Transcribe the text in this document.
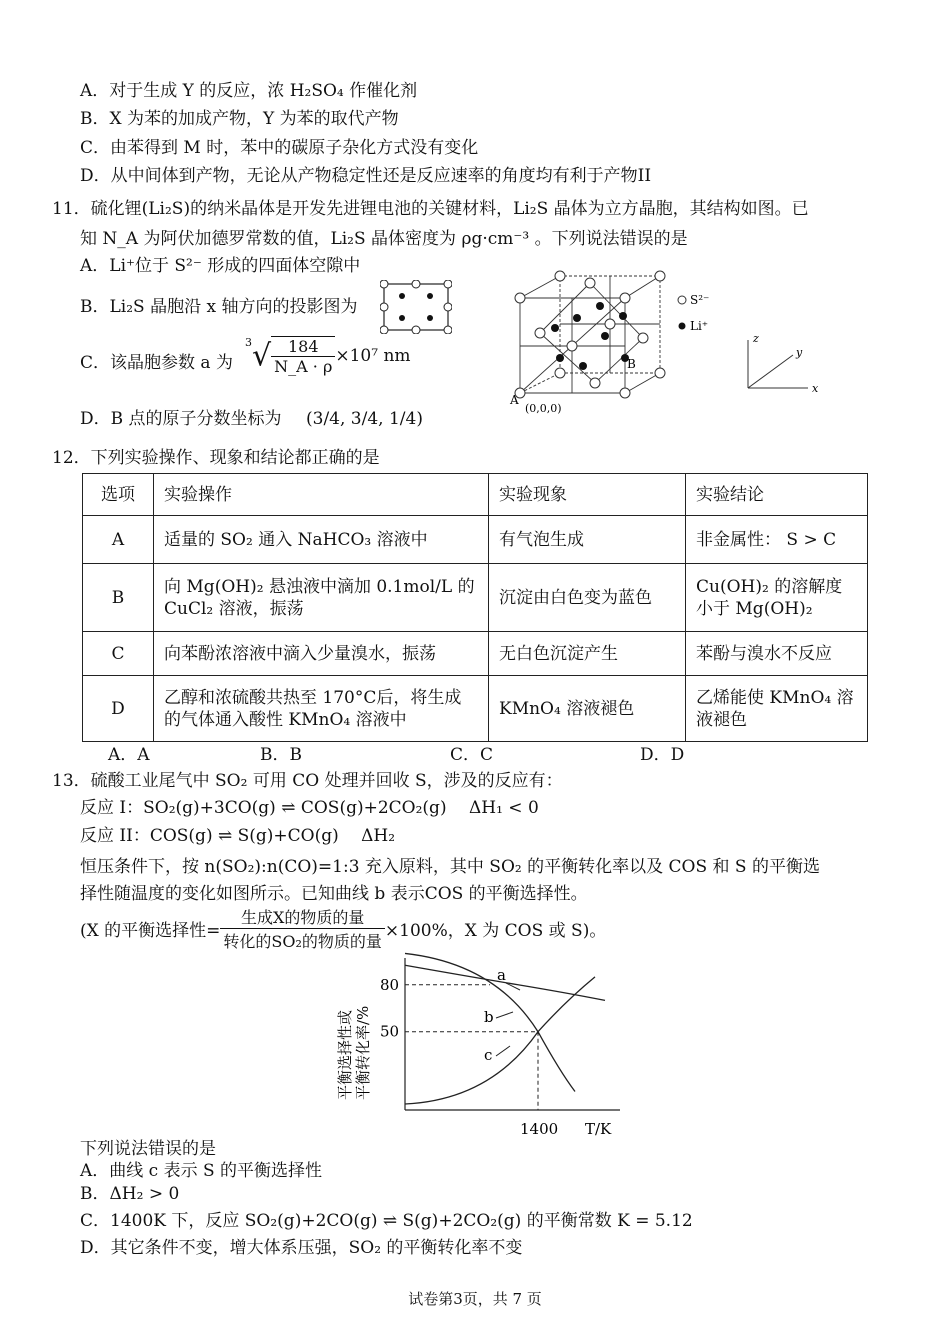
A．对于生成 Y 的反应，浓 H₂SO₄ 作催化剂
B．X 为苯的加成产物，Y 为苯的取代产物
C．由苯得到 M 时，苯中的碳原子杂化方式没有变化
D．从中间体到产物，无论从产物稳定性还是反应速率的角度均有利于产物II
11．硫化锂(Li₂S)的纳米晶体是开发先进锂电池的关键材料，Li₂S 晶体为立方晶胞，其结构如图。已
知 N_A 为阿伏加德罗常数的值，Li₂S 晶体密度为 ρg·cm⁻³ 。下列说法错误的是
A．Li⁺位于 S²⁻ 形成的四面体空隙中
B．Li₂S 晶胞沿 x 轴方向的投影图为
C．该晶胞参数 a 为
$^3√ \frac{184}{N\_A \cdot \rho} \times 10^7$ nm
D．B 点的原子分数坐标为 (3/4, 3/4, 1/4)
B
A
(0,0,0)
S²⁻
Li⁺
z
y
x
12．下列实验操作、现象和结论都正确的是
选项	实验操作	实验现象	实验结论
A	适量的 SO₂ 通入 NaHCO₃ 溶液中	有气泡生成	非金属性： S > C
B	向 Mg(OH)₂ 悬浊液中滴加 0.1mol/L 的 CuCl₂ 溶液，振荡	沉淀由白色变为蓝色	Cu(OH)₂ 的溶解度小于 Mg(OH)₂
C	向苯酚浓溶液中滴入少量溴水，振荡	无白色沉淀产生	苯酚与溴水不反应
D	乙醇和浓硫酸共热至 170°C后，将生成的气体通入酸性 KMnO₄ 溶液中	KMnO₄ 溶液褪色	乙烯能使 KMnO₄ 溶液褪色
A．A	B．B	C．C	D．D
13．硫酸工业尾气中 SO₂ 可用 CO 处理并回收 S，涉及的反应有：
反应 I：SO₂(g)+3CO(g) ⇌ COS(g)+2CO₂(g)　 ΔH₁ < 0
反应 II：COS(g) ⇌ S(g)+CO(g)　 ΔH₂
恒压条件下，按 n(SO₂):n(CO)=1:3 充入原料，其中 SO₂ 的平衡转化率以及 COS 和 S 的平衡选
择性随温度的变化如图所示。已知曲线 b 表示COS 的平衡选择性。
(X 的平衡选择性= $\frac{\text{生成X的物质的量}}{\text{转化的SO₂的物质的量}} \times 100\%$，X 为 COS 或 S)。
a
b
c
80
50
1400 T/K
平衡选择性或 平衡转化率/%
下列说法错误的是
A．曲线 c 表示 S 的平衡选择性
B．ΔH₂ > 0
C．1400K 下，反应 SO₂(g)+2CO(g) ⇌ S(g)+2CO₂(g) 的平衡常数 K = 5.12
D．其它条件不变，增大体系压强，SO₂ 的平衡转化率不变
试卷第3页，共 7 页
